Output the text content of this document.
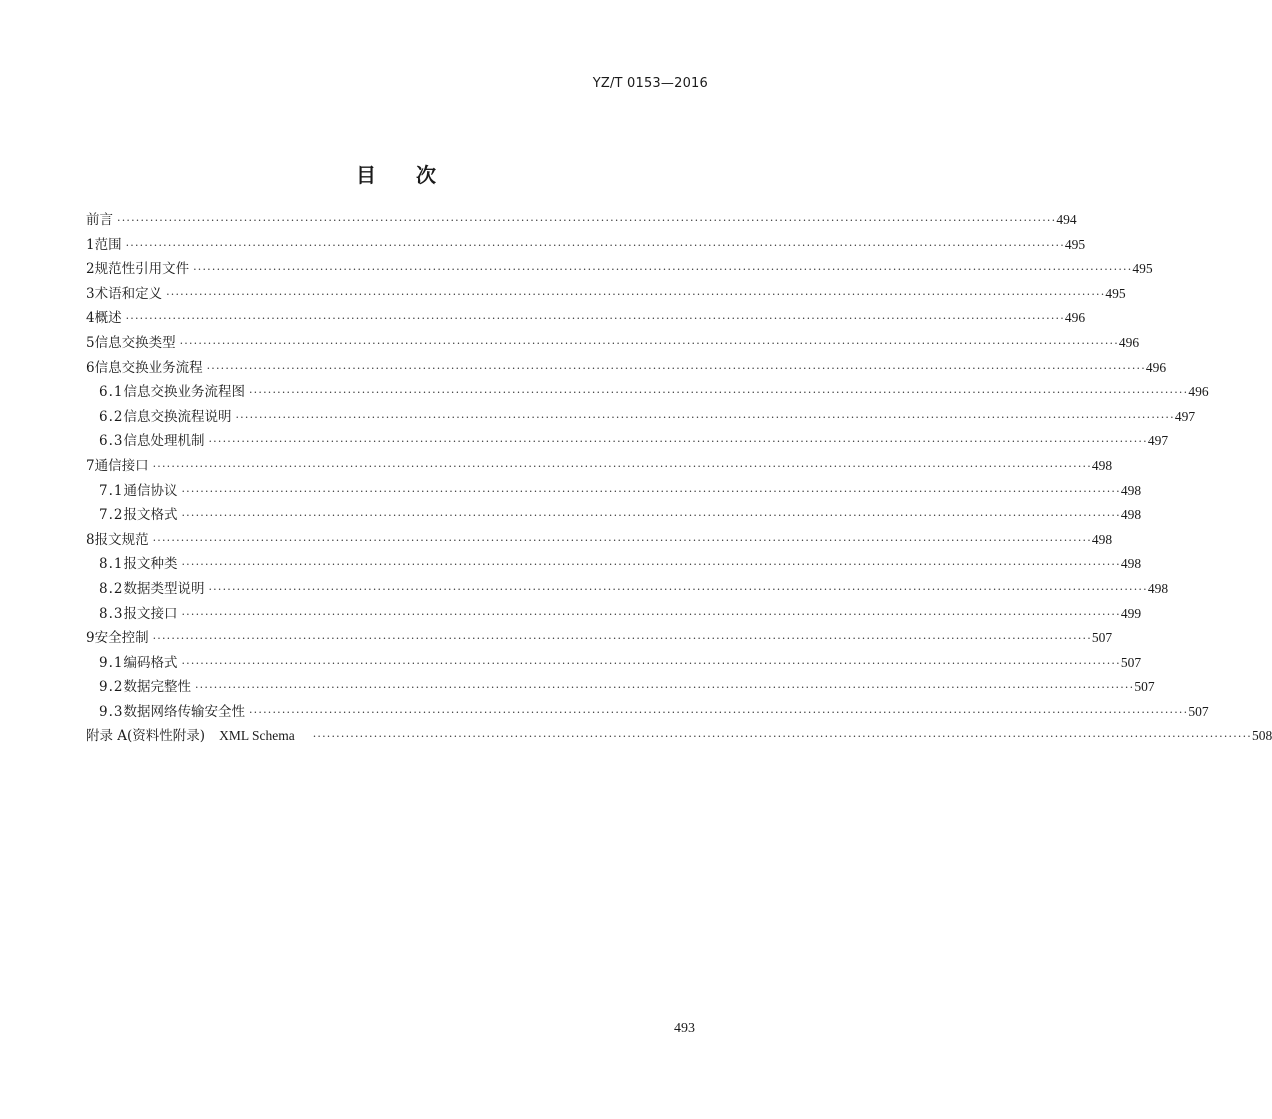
YZ/T 0153—2016
目次
前言 ········································································································································································································ 494
1 范围 ········································································································································································································ 495
2 规范性引用文件 ········································································································································································································ 495
3 术语和定义 ········································································································································································································ 495
4 概述 ········································································································································································································ 496
5 信息交换类型 ········································································································································································································ 496
6 信息交换业务流程 ········································································································································································································ 496
6.1 信息交换业务流程图 ········································································································································································································ 496
6.2 信息交换流程说明 ········································································································································································································ 497
6.3 信息处理机制 ········································································································································································································ 497
7 通信接口 ········································································································································································································ 498
7.1 通信协议 ········································································································································································································ 498
7.2 报文格式 ········································································································································································································ 498
8 报文规范 ········································································································································································································ 498
8.1 报文种类 ········································································································································································································ 498
8.2 数据类型说明 ········································································································································································································ 498
8.3 报文接口 ········································································································································································································ 499
9 安全控制 ········································································································································································································ 507
9.1 编码格式 ········································································································································································································ 507
9.2 数据完整性 ········································································································································································································ 507
9.3 数据网络传输安全性 ········································································································································································································ 507
附录 A(资料性附录)	XML Schema	········································································································································································································ 508
493
